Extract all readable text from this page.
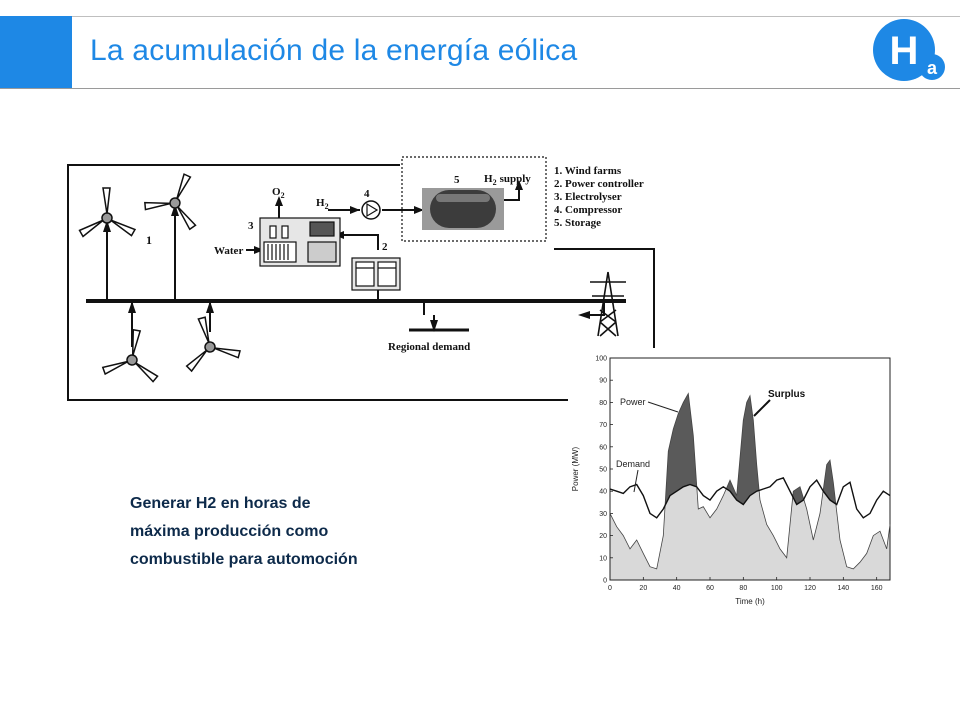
La acumulación de la energía eólica	H a
1	2
3
4
5
$O_2$
$H_2$
$H_2$ supply
Water
Regional demand
1. Wind farms
2. Power controller
3. Electrolyser
4. Compressor
5. Storage
0	20	40	60	80	100	120	140	160
0
10
20
30
40
50
60
70
80
90
100
Time (h)
Power (MW)
Power
Demand
Surplus
Generar H2 en horas de
máxima producción como
combustible para automoción
